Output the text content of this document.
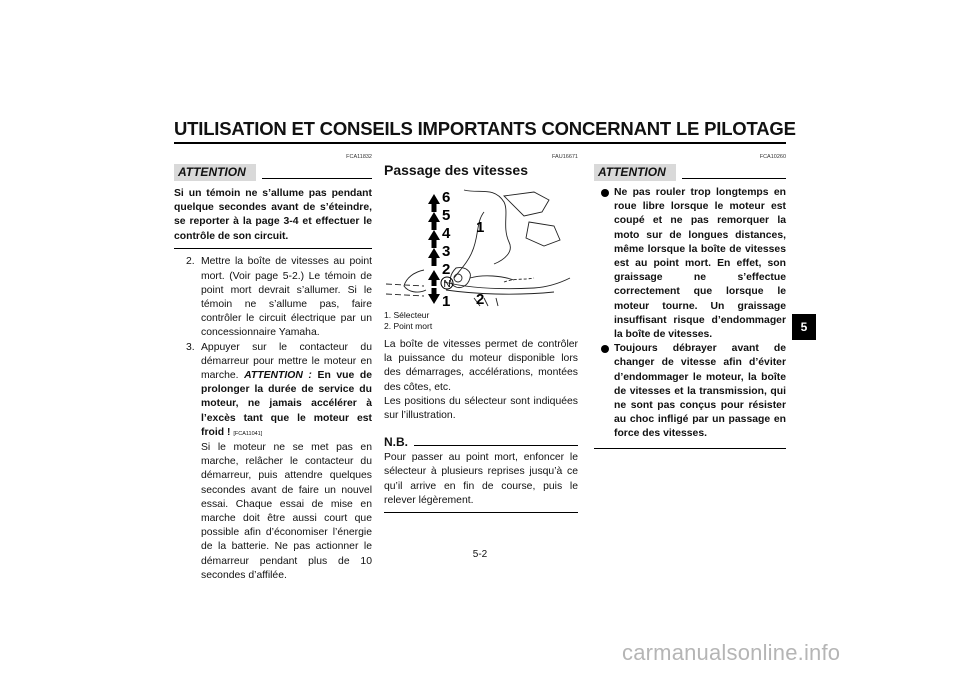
UTILISATION ET CONSEILS IMPORTANTS CONCERNANT LE PILOTAGE
FCA11832
ATTENTION
Si un témoin ne s’allume pas pendant quelque secondes avant de s’éteindre, se reporter à la page 3-4 et effectuer le contrôle de son circuit.
2. Mettre la boîte de vitesses au point mort. (Voir page 5-2.) Le témoin de point mort devrait s’allumer. Si le témoin ne s’allume pas, faire contrôler le circuit électrique par un concessionnaire Yamaha.
3. Appuyer sur le contacteur du démarreur pour mettre le moteur en marche. ATTENTION : En vue de prolonger la durée de service du moteur, ne jamais accélérer à l’excès tant que le moteur est froid ! [FCA11041]
Si le moteur ne se met pas en marche, relâcher le contacteur du démarreur, puis attendre quelques secondes avant de faire un nouvel essai. Chaque essai de mise en marche doit être aussi court que possible afin d’économiser l’énergie de la batterie. Ne pas actionner le démarreur pendant plus de 10 secondes d’affilée.
FAU16671
Passage des vitesses
6
5
4
3
2
N
1
1
2
1. Sélecteur
2. Point mort
La boîte de vitesses permet de contrôler la puissance du moteur disponible lors des démarrages, accélérations, montées des côtes, etc.
Les positions du sélecteur sont indiquées sur l’illustration.
N.B.
Pour passer au point mort, enfoncer le sélecteur à plusieurs reprises jusqu’à ce qu’il arrive en fin de course, puis le relever légèrement.
FCA10260
ATTENTION
Ne pas rouler trop longtemps en roue libre lorsque le moteur est coupé et ne pas remorquer la moto sur de longues distances, même lorsque la boîte de vitesses est au point mort. En effet, son graissage ne s’effectue correctement que lorsque le moteur tourne. Un graissage insuffisant risque d’endommager la boîte de vitesses.
Toujours débrayer avant de changer de vitesse afin d’éviter d’endommager le moteur, la boîte de vitesses et la transmission, qui ne sont pas conçus pour résister au choc infligé par un passage en force des vitesses.
5
5-2
carmanualsonline.info
